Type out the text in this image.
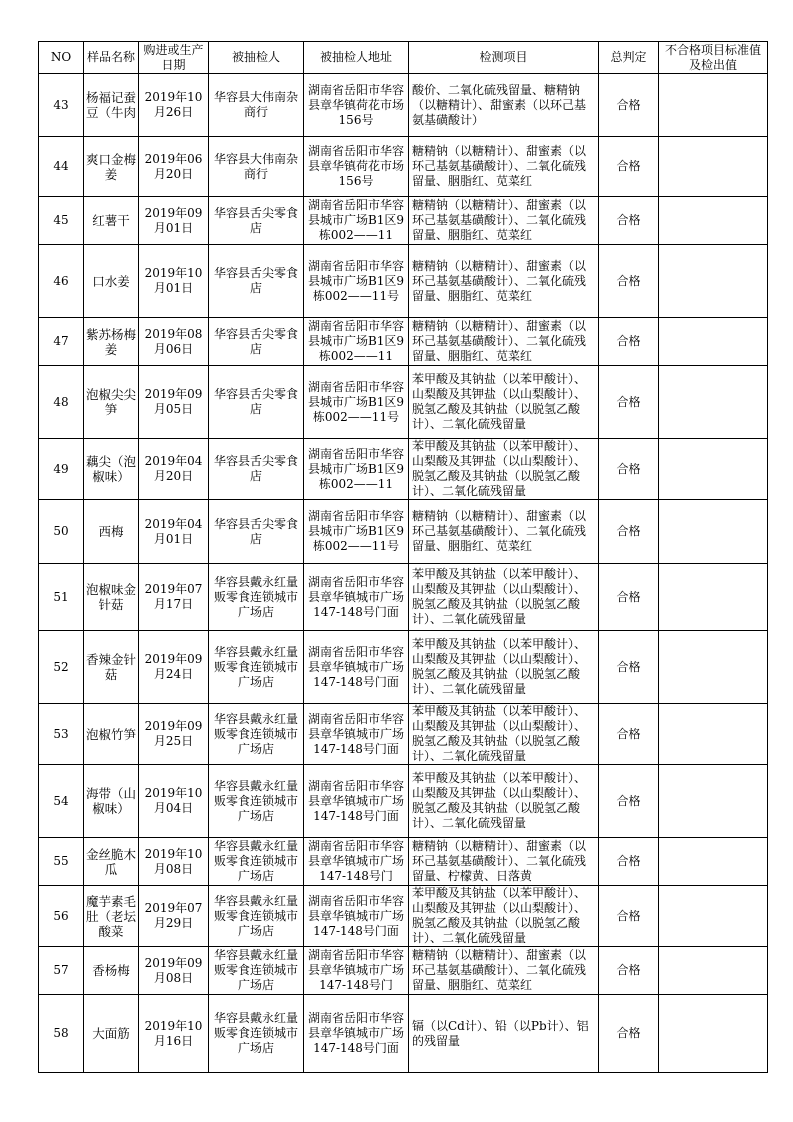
NO	样品名称	购进或生产日期	被抽检人	被抽检人地址	检测项目	总判定	不合格项目标准值及检出值
43	杨福记蚕豆（牛肉	2019年10月26日	华容县大伟南杂商行	湖南省岳阳市华容县章华镇荷花市场156号	酸价、二氧化硫残留量、糖精钠（以糖精计）、甜蜜素（以环己基氨基磺酸计）	合格	
44	爽口金梅姜	2019年06月20日	华容县大伟南杂商行	湖南省岳阳市华容县章华镇荷花市场156号	糖精钠（以糖精计）、甜蜜素（以环己基氨基磺酸计）、二氧化硫残留量、胭脂红、苋菜红	合格	
45	红薯干	2019年09月01日	华容县舌尖零食店	湖南省岳阳市华容县城市广场B1区9栋002——11	糖精钠（以糖精计）、甜蜜素（以环己基氨基磺酸计）、二氧化硫残留量、胭脂红、苋菜红	合格	
46	口水姜	2019年10月01日	华容县舌尖零食店	湖南省岳阳市华容县城市广场B1区9栋002——11号	糖精钠（以糖精计）、甜蜜素（以环己基氨基磺酸计）、二氧化硫残留量、胭脂红、苋菜红	合格	
47	紫苏杨梅姜	2019年08月06日	华容县舌尖零食店	湖南省岳阳市华容县城市广场B1区9栋002——11	糖精钠（以糖精计）、甜蜜素（以环己基氨基磺酸计）、二氧化硫残留量、胭脂红、苋菜红	合格	
48	泡椒尖尖笋	2019年09月05日	华容县舌尖零食店	湖南省岳阳市华容县城市广场B1区9栋002——11号	苯甲酸及其钠盐（以苯甲酸计）、山梨酸及其钾盐（以山梨酸计）、脱氢乙酸及其钠盐（以脱氢乙酸计）、二氧化硫残留量	合格	
49	藕尖（泡椒味）	2019年04月20日	华容县舌尖零食店	湖南省岳阳市华容县城市广场B1区9栋002——11	苯甲酸及其钠盐（以苯甲酸计）、山梨酸及其钾盐（以山梨酸计）、脱氢乙酸及其钠盐（以脱氢乙酸计）、二氧化硫残留量	合格	
50	西梅	2019年04月01日	华容县舌尖零食店	湖南省岳阳市华容县城市广场B1区9栋002——11号	糖精钠（以糖精计）、甜蜜素（以环己基氨基磺酸计）、二氧化硫残留量、胭脂红、苋菜红	合格	
51	泡椒味金针菇	2019年07月17日	华容县戴永红量贩零食连锁城市广场店	湖南省岳阳市华容县章华镇城市广场147-148号门面	苯甲酸及其钠盐（以苯甲酸计）、山梨酸及其钾盐（以山梨酸计）、脱氢乙酸及其钠盐（以脱氢乙酸计）、二氧化硫残留量	合格	
52	香辣金针菇	2019年09月24日	华容县戴永红量贩零食连锁城市广场店	湖南省岳阳市华容县章华镇城市广场147-148号门面	苯甲酸及其钠盐（以苯甲酸计）、山梨酸及其钾盐（以山梨酸计）、脱氢乙酸及其钠盐（以脱氢乙酸计）、二氧化硫残留量	合格	
53	泡椒竹笋	2019年09月25日	华容县戴永红量贩零食连锁城市广场店	湖南省岳阳市华容县章华镇城市广场147-148号门面	苯甲酸及其钠盐（以苯甲酸计）、山梨酸及其钾盐（以山梨酸计）、脱氢乙酸及其钠盐（以脱氢乙酸计）、二氧化硫残留量	合格	
54	海带（山椒味）	2019年10月04日	华容县戴永红量贩零食连锁城市广场店	湖南省岳阳市华容县章华镇城市广场147-148号门面	苯甲酸及其钠盐（以苯甲酸计）、山梨酸及其钾盐（以山梨酸计）、脱氢乙酸及其钠盐（以脱氢乙酸计）、二氧化硫残留量	合格	
55	金丝脆木瓜	2019年10月08日	华容县戴永红量贩零食连锁城市广场店	湖南省岳阳市华容县章华镇城市广场147-148号门	糖精钠（以糖精计）、甜蜜素（以环己基氨基磺酸计）、二氧化硫残留量、柠檬黄、日落黄	合格	
56	魔芋素毛肚（老坛酸菜	2019年07月29日	华容县戴永红量贩零食连锁城市广场店	湖南省岳阳市华容县章华镇城市广场147-148号门面	苯甲酸及其钠盐（以苯甲酸计）、山梨酸及其钾盐（以山梨酸计）、脱氢乙酸及其钠盐（以脱氢乙酸计）、二氧化硫残留量	合格	
57	香杨梅	2019年09月08日	华容县戴永红量贩零食连锁城市广场店	湖南省岳阳市华容县章华镇城市广场147-148号门	糖精钠（以糖精计）、甜蜜素（以环己基氨基磺酸计）、二氧化硫残留量、胭脂红、苋菜红	合格	
58	大面筋	2019年10月16日	华容县戴永红量贩零食连锁城市广场店	湖南省岳阳市华容县章华镇城市广场147-148号门面	镉（以Cd计）、铅（以Pb计）、铝的残留量	合格	
